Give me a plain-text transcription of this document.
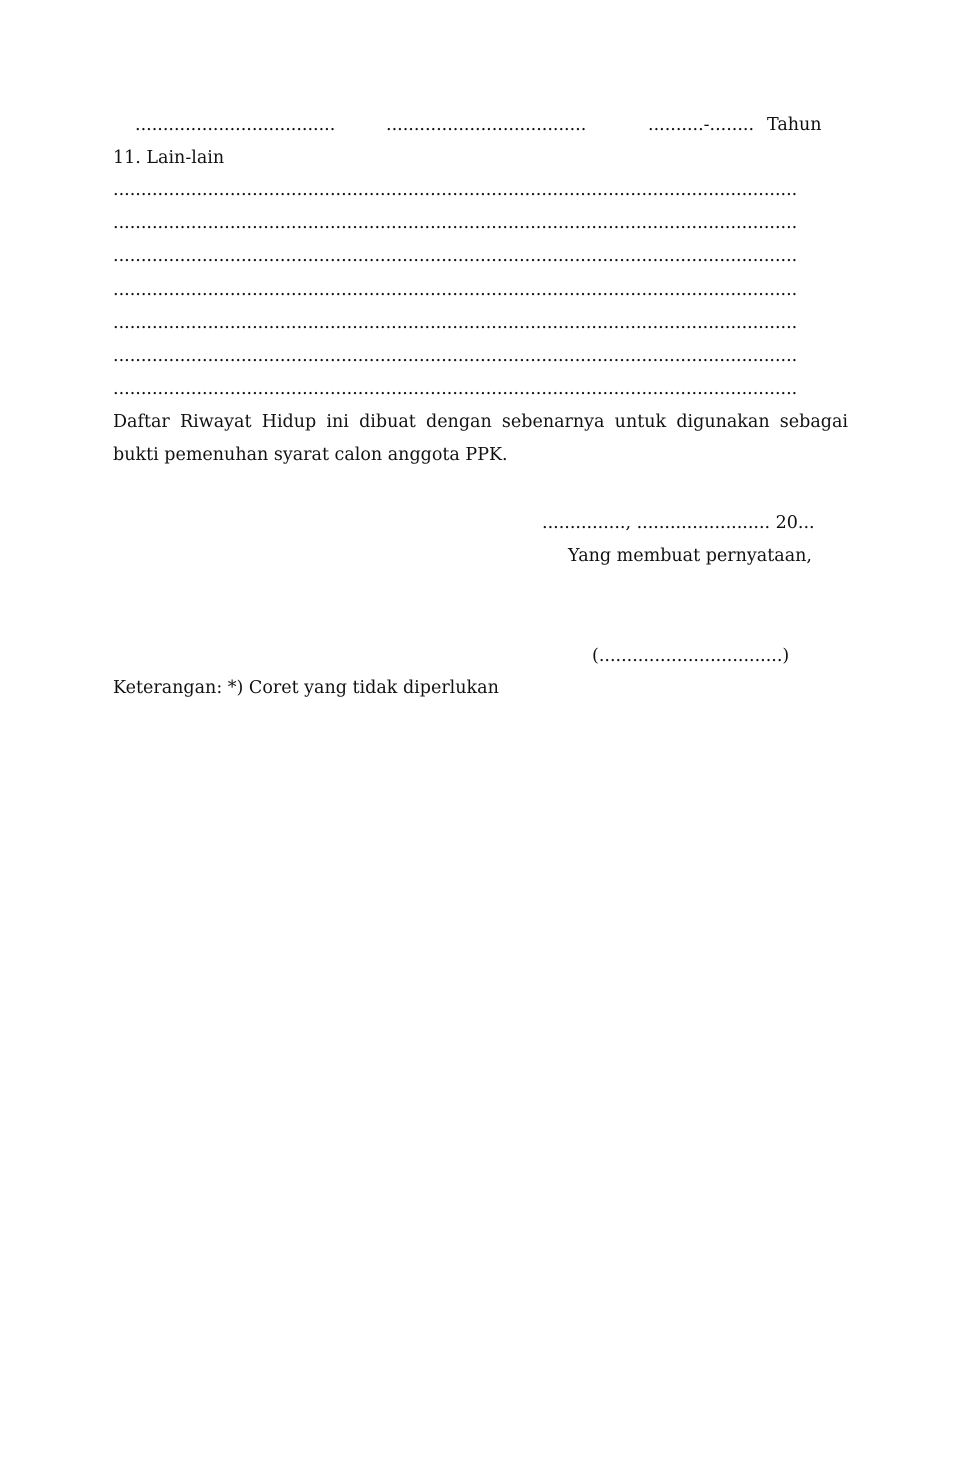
....................................	....................................	..........-........ Tahun
11. Lain-lain
...........................................................................................................................
...........................................................................................................................
...........................................................................................................................
...........................................................................................................................
...........................................................................................................................
...........................................................................................................................
...........................................................................................................................
Daftar Riwayat Hidup ini dibuat dengan sebenarnya untuk digunakan sebagai bukti pemenuhan syarat calon anggota PPK.
..............., ........................ 20...
Yang membuat pernyataan,
(.................................)
Keterangan: *) Coret yang tidak diperlukan
